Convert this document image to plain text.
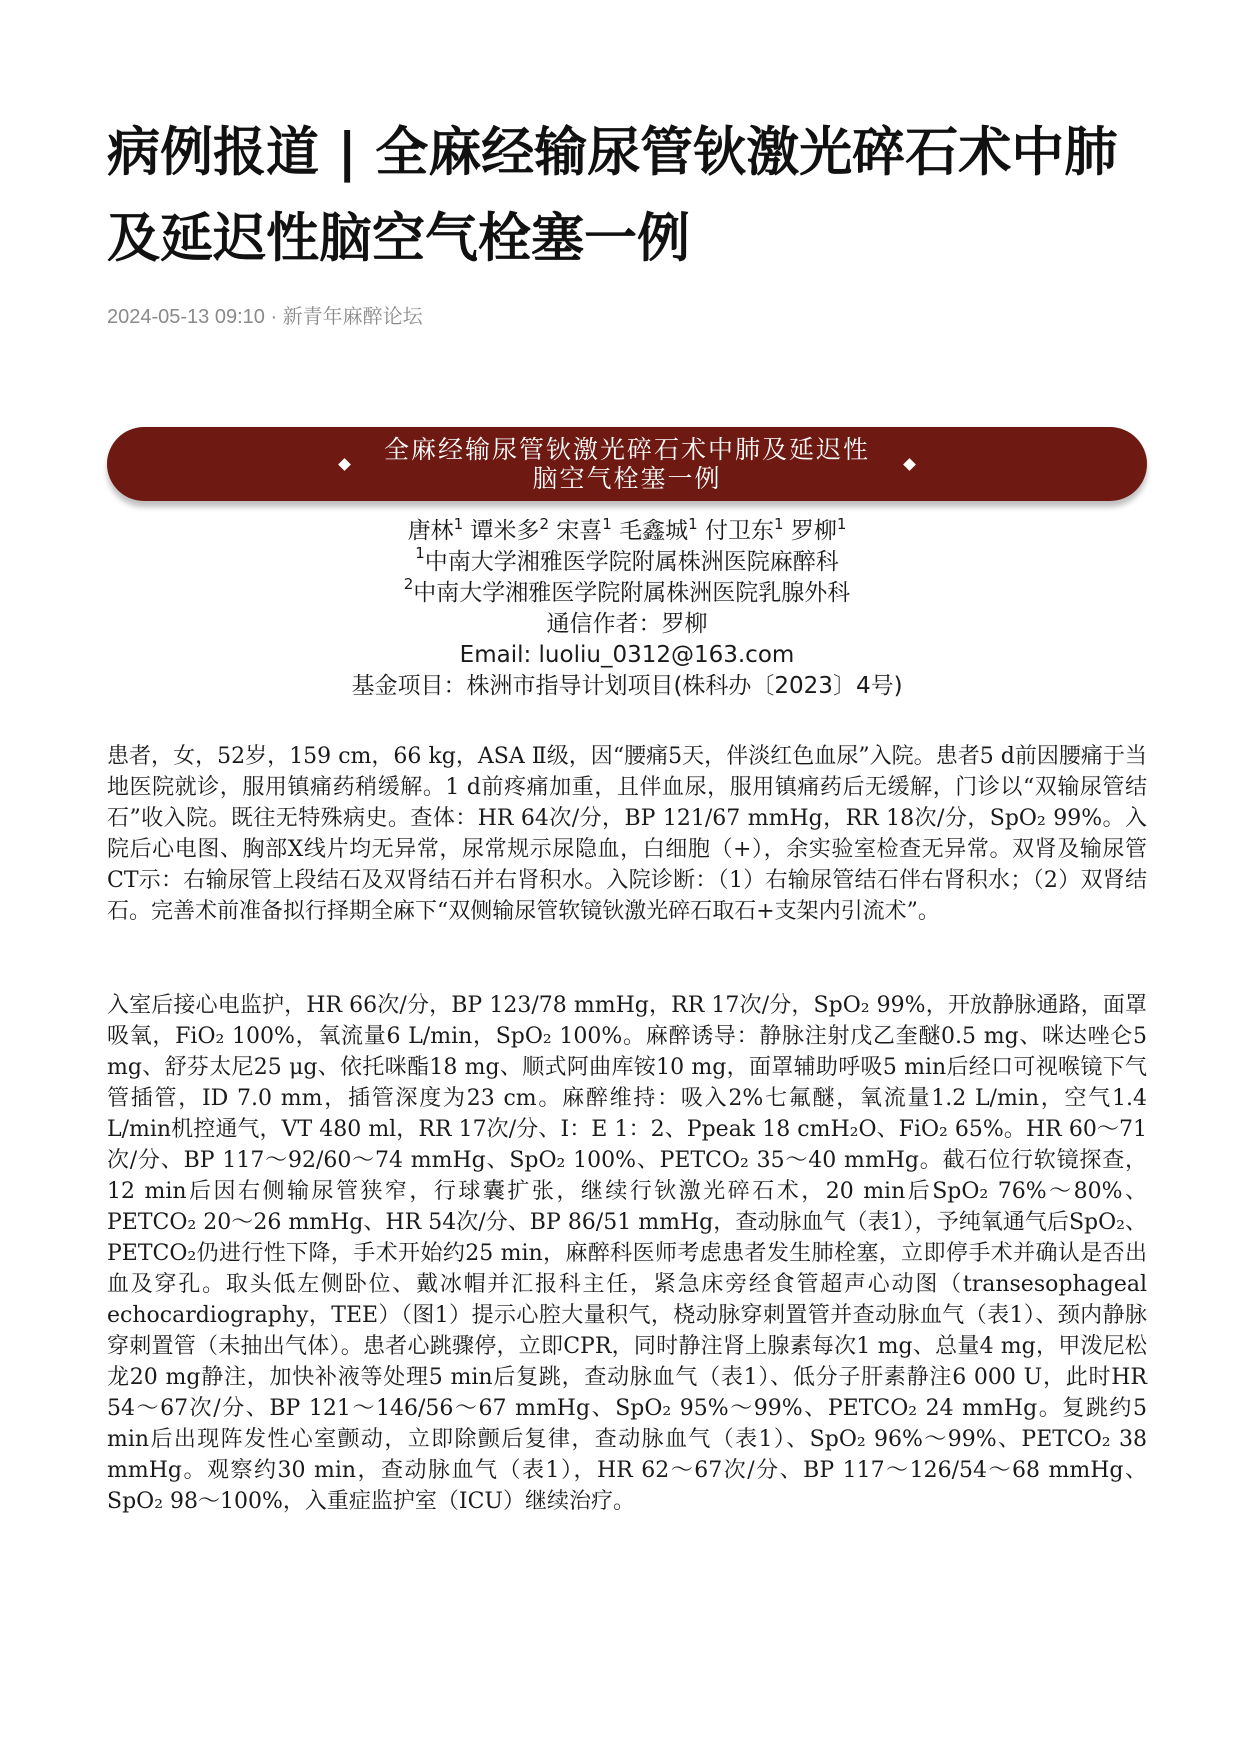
病例报道 | 全麻经输尿管钬激光碎石术中肺及延迟性脑空气栓塞一例
2024-05-13 09:10 · 新青年麻醉论坛
全麻经输尿管钬激光碎石术中肺及延迟性
脑空气栓塞一例
唐林$^1$ 谭米多$^2$ 宋喜$^1$ 毛鑫城$^1$ 付卫东$^1$ 罗柳$^1$
$^1$中南大学湘雅医学院附属株洲医院麻醉科
$^2$中南大学湘雅医学院附属株洲医院乳腺外科
通信作者：罗柳
Email: luoliu_0312@163.com
基金项目：株洲市指导计划项目(株科办〔2023〕4号)

患者，女，52岁，159 cm，66 kg，ASA Ⅱ级，因“腰痛5天，伴淡红色血尿”入院。患者5 d前因腰痛于当地医院就诊，服用镇痛药稍缓解。1 d前疼痛加重，且伴血尿，服用镇痛药后无缓解，门诊以“双输尿管结石”收入院。既往无特殊病史。查体：HR 64次/分，BP 121/67 mmHg，RR 18次/分，SpO₂ 99%。入院后心电图、胸部X线片均无异常，尿常规示尿隐血，白细胞（+），余实验室检查无异常。双肾及输尿管CT示：右输尿管上段结石及双肾结石并右肾积水。入院诊断：（1）右输尿管结石伴右肾积水；（2）双肾结石。完善术前准备拟行择期全麻下“双侧输尿管软镜钬激光碎石取石+支架内引流术”。

入室后接心电监护，HR 66次/分，BP 123/78 mmHg，RR 17次/分，SpO₂ 99%，开放静脉通路，面罩吸氧，FiO₂ 100%，氧流量6 L/min，SpO₂ 100%。麻醉诱导：静脉注射戊乙奎醚0.5 mg、咪达唑仑5 mg、舒芬太尼25 μg、依托咪酯18 mg、顺式阿曲库铵10 mg，面罩辅助呼吸5 min后经口可视喉镜下气管插管，ID 7.0 mm，插管深度为23 cm。麻醉维持：吸入2%七氟醚，氧流量1.2 L/min，空气1.4 L/min机控通气，VT 480 ml，RR 17次/分、I：E 1：2、Ppeak 18 cmH₂O、FiO₂ 65%。HR 60～71次/分、BP 117～92/60～74 mmHg、SpO₂ 100%、PETCO₂ 35～40 mmHg。截石位行软镜探查，12 min后因右侧输尿管狭窄，行球囊扩张，继续行钬激光碎石术，20 min后SpO₂ 76%～80%、PETCO₂ 20～26 mmHg、HR 54次/分、BP 86/51 mmHg，查动脉血气（表1），予纯氧通气后SpO₂、PETCO₂仍进行性下降，手术开始约25 min，麻醉科医师考虑患者发生肺栓塞，立即停手术并确认是否出血及穿孔。取头低左侧卧位、戴冰帽并汇报科主任，紧急床旁经食管超声心动图（transesophageal echocardiography，TEE）（图1）提示心腔大量积气，桡动脉穿刺置管并查动脉血气（表1）、颈内静脉穿刺置管（未抽出气体）。患者心跳骤停，立即CPR，同时静注肾上腺素每次1 mg、总量4 mg，甲泼尼松龙20 mg静注，加快补液等处理5 min后复跳，查动脉血气（表1）、低分子肝素静注6 000 U，此时HR 54～67次/分、BP 121～146/56～67 mmHg、SpO₂ 95%～99%、PETCO₂ 24 mmHg。复跳约5 min后出现阵发性心室颤动，立即除颤后复律，查动脉血气（表1）、SpO₂ 96%～99%、PETCO₂ 38 mmHg。观察约30 min，查动脉血气（表1），HR 62～67次/分、BP 117～126/54～68 mmHg、SpO₂ 98～100%，入重症监护室（ICU）继续治疗。
